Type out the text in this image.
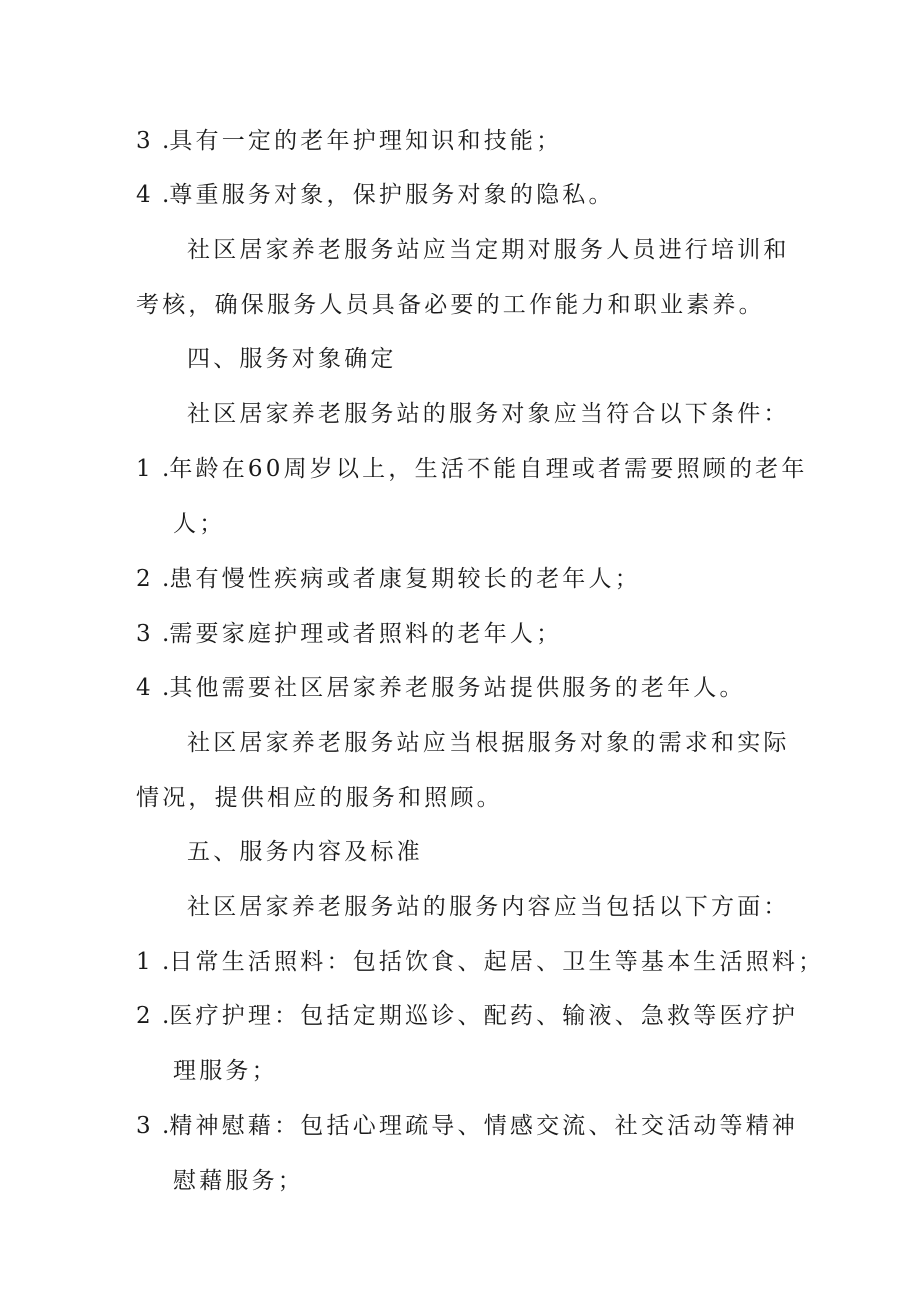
3 .具有一定的老年护理知识和技能；
4 .尊重服务对象，保护服务对象的隐私。
社区居家养老服务站应当定期对服务人员进行培训和
考核，确保服务人员具备必要的工作能力和职业素养。
四、服务对象确定
社区居家养老服务站的服务对象应当符合以下条件：
1 .年龄在60周岁以上，生活不能自理或者需要照顾的老年
人；
2 .患有慢性疾病或者康复期较长的老年人；
3 .需要家庭护理或者照料的老年人；
4 .其他需要社区居家养老服务站提供服务的老年人。
社区居家养老服务站应当根据服务对象的需求和实际
情况，提供相应的服务和照顾。
五、服务内容及标准
社区居家养老服务站的服务内容应当包括以下方面：
1 .日常生活照料：包括饮食、起居、卫生等基本生活照料；
2 .医疗护理：包括定期巡诊、配药、输液、急救等医疗护
理服务；
3 .精神慰藉：包括心理疏导、情感交流、社交活动等精神
慰藉服务；
